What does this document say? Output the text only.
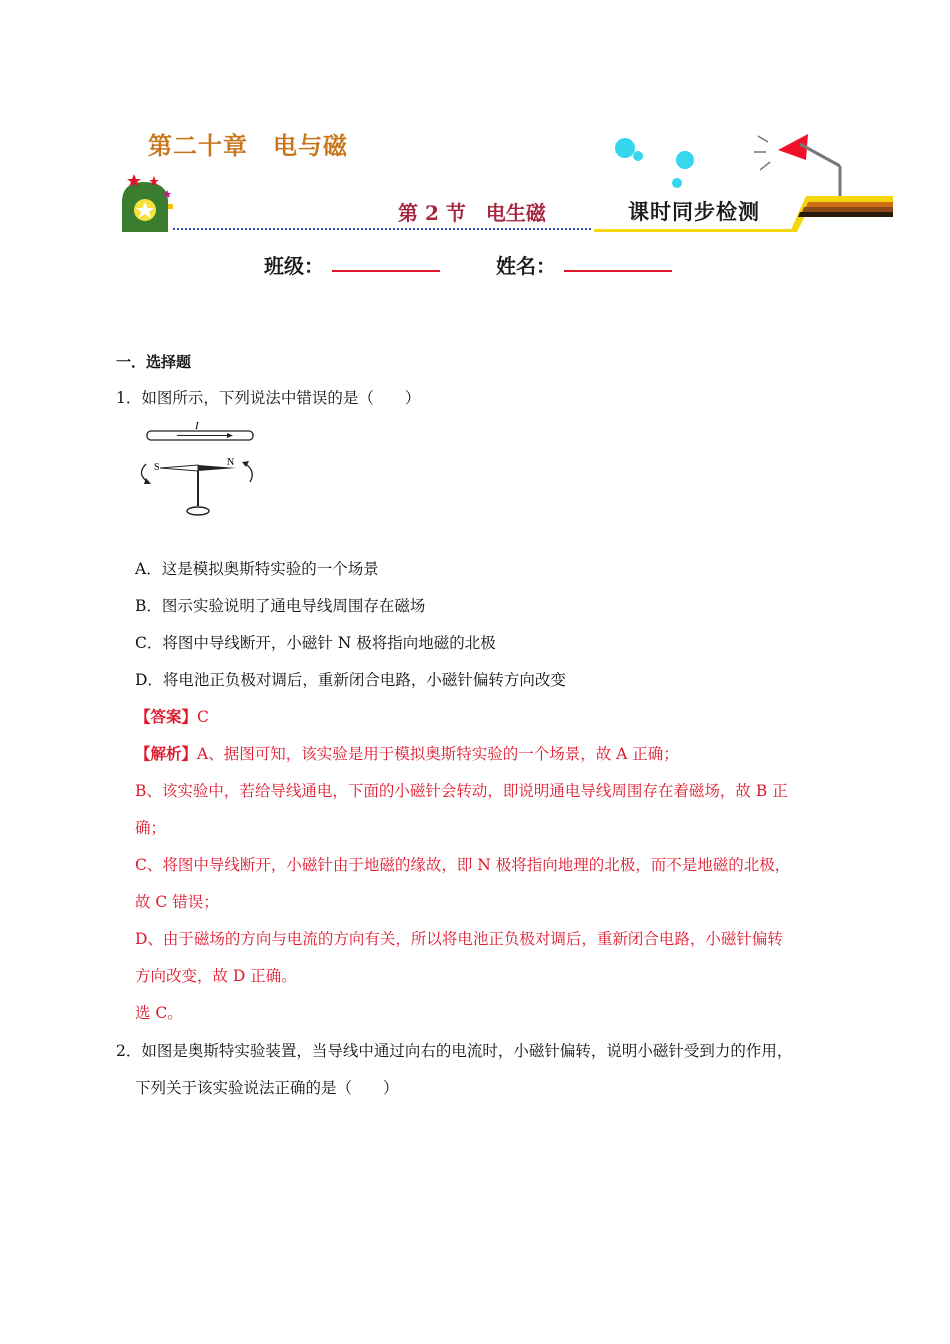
第二十章　电与磁
第 2 节　电生磁	课时同步检测
班级：	姓名：
一．选择题
1．如图所示，下列说法中错误的是（　　）
I
S	N
A．这是模拟奥斯特实验的一个场景
B．图示实验说明了通电导线周围存在磁场
C．将图中导线断开，小磁针 N 极将指向地磁的北极
D．将电池正负极对调后，重新闭合电路，小磁针偏转方向改变
【答案】C
【解析】A、据图可知，该实验是用于模拟奥斯特实验的一个场景，故 A 正确；
B、该实验中，若给导线通电，下面的小磁针会转动，即说明通电导线周围存在着磁场，故 B 正
确；
C、将图中导线断开，小磁针由于地磁的缘故，即 N 极将指向地理的北极，而不是地磁的北极，
故 C 错误；
D、由于磁场的方向与电流的方向有关，所以将电池正负极对调后，重新闭合电路，小磁针偏转
方向改变，故 D 正确。
选 C。
2．如图是奥斯特实验装置，当导线中通过向右的电流时，小磁针偏转，说明小磁针受到力的作用，
下列关于该实验说法正确的是（　　）
